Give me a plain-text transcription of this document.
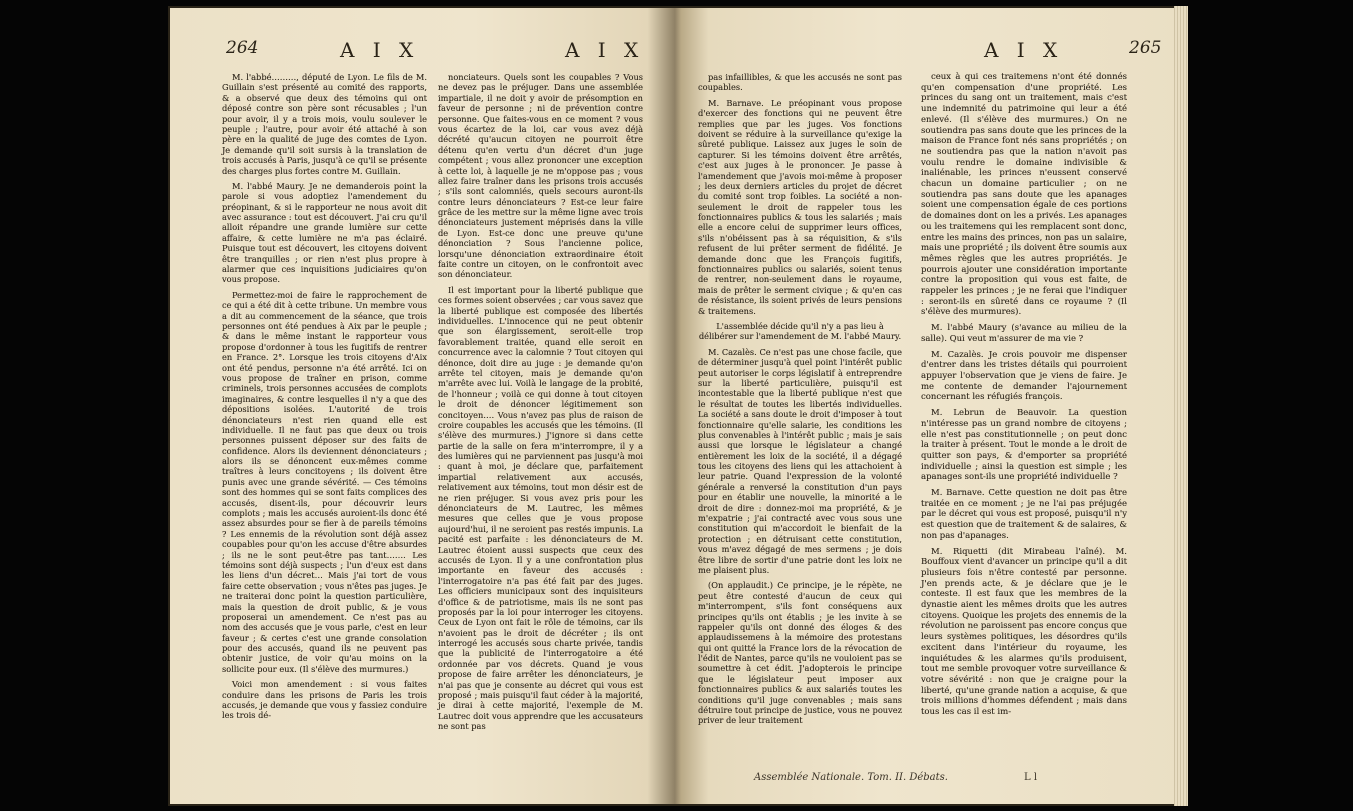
264	A I X	A I X

M. l'abbé………, député de Lyon. Le fils de M. Guillain s'est présenté au comité des rapports, & a observé que deux des témoins qui ont déposé contre son père sont récusables ; l'un pour avoir, il y a trois mois, voulu soulever le peuple ; l'autre, pour avoir été attaché à son père en la qualité de juge des comtes de Lyon. Je demande qu'il soit sursis à la translation de trois accusés à Paris, jusqu'à ce qu'il se présente des charges plus fortes contre M. Guillain.

M. l'abbé Maury. Je ne demanderois point la parole si vous adoptiez l'amendement du préopinant, & si le rapporteur ne nous avoit dit avec assurance : tout est découvert. J'ai cru qu'il alloit répandre une grande lumière sur cette affaire, & cette lumière ne m'a pas éclairé. Puisque tout est découvert, les citoyens doivent être tranquilles ; or rien n'est plus propre à alarmer que ces inquisitions judiciaires qu'on vous propose.

Permettez-moi de faire le rapprochement de ce qui a été dit à cette tribune. Un membre vous a dit au commencement de la séance, que trois personnes ont été pendues à Aix par le peuple ; & dans le même instant le rapporteur vous propose d'ordonner à tous les fugitifs de rentrer en France. 2°. Lorsque les trois citoyens d'Aix ont été pendus, personne n'a été arrêté. Ici on vous propose de traîner en prison, comme criminels, trois personnes accusées de complots imaginaires, & contre lesquelles il n'y a que des dépositions isolées. L'autorité de trois dénonciateurs n'est rien quand elle est individuelle. Il ne faut pas que deux ou trois personnes puissent déposer sur des faits de confidence. Alors ils deviennent dénonciateurs ; alors ils se dénoncent eux-mêmes comme traîtres à leurs concitoyens ; ils doivent être punis avec une grande sévérité. — Ces témoins sont des hommes qui se sont faits complices des accusés, disent-ils, pour découvrir leurs complots ; mais les accusés auroient-ils donc été assez absurdes pour se fier à de pareils témoins ? Les ennemis de la révolution sont déjà assez coupables pour qu'on les accuse d'être absurdes ; ils ne le sont peut-être pas tant……. Les témoins sont déjà suspects ; l'un d'eux est dans les liens d'un décret… Mais j'ai tort de vous faire cette observation ; vous n'êtes pas juges. Je ne traiterai donc point la question particulière, mais la question de droit public, & je vous proposerai un amendement. Ce n'est pas au nom des accusés que je vous parle, c'est en leur faveur ; & certes c'est une grande consolation pour des accusés, quand ils ne peuvent pas obtenir justice, de voir qu'au moins on la sollicite pour eux. (Il s'élève des murmures.)

Voici mon amendement : si vous faites conduire dans les prisons de Paris les trois accusés, je demande que vous y fassiez conduire les trois dé-

nonciateurs. Quels sont les coupables ? Vous ne devez pas le préjuger. Dans une assemblée impartiale, il ne doit y avoir de présomption en faveur de personne ; ni de prévention contre personne. Que faites-vous en ce moment ? vous vous écartez de la loi, car vous avez déjà décrété qu'aucun citoyen ne pourroit être détenu qu'en vertu d'un décret d'un juge compétent ; vous allez prononcer une exception à cette loi, à laquelle je ne m'oppose pas ; vous allez faire traîner dans les prisons trois accusés ; s'ils sont calomniés, quels secours auront-ils contre leurs dénonciateurs ? Est-ce leur faire grâce de les mettre sur la même ligne avec trois dénonciateurs justement méprisés dans la ville de Lyon. Est-ce donc une preuve qu'une dénonciation ? Sous l'ancienne police, lorsqu'une dénonciation extraordinaire étoit faite contre un citoyen, on le confrontoit avec son dénonciateur.

Il est important pour la liberté publique que ces formes soient observées ; car vous savez que la liberté publique est composée des libertés individuelles. L'innocence qui ne peut obtenir que son élargissement, seroit-elle trop favorablement traitée, quand elle seroit en concurrence avec la calomnie ? Tout citoyen qui dénonce, doit dire au juge : je demande qu'on arrête tel citoyen, mais je demande qu'on m'arrête avec lui. Voilà le langage de la probité, de l'honneur ; voilà ce qui donne à tout citoyen le droit de dénoncer légitimement son concitoyen…. Vous n'avez pas plus de raison de croire coupables les accusés que les témoins. (Il s'élève des murmures.) J'ignore si dans cette partie de la salle on fera m'interrompre, il y a des lumières qui ne parviennent pas jusqu'à moi : quant à moi, je déclare que, parfaitement impartial relativement aux accusés, relativement aux témoins, tout mon désir est de ne rien préjuger. Si vous avez pris pour les dénonciateurs de M. Lautrec, les mêmes mesures que celles que je vous propose aujourd'hui, il ne seroient pas restés impunis. La pacité est parfaite : les dénonciateurs de M. Lautrec étoient aussi suspects que ceux des accusés de Lyon. Il y a une confrontation plus importante en faveur des accusés : l'interrogatoire n'a pas été fait par des juges. Les officiers municipaux sont des inquisiteurs d'office & de patriotisme, mais ils ne sont pas proposés par la loi pour interroger les citoyens. Ceux de Lyon ont fait le rôle de témoins, car ils n'avoient pas le droit de décréter ; ils ont interrogé les accusés sous charte privée, tandis que la publicité de l'interrogatoire a été ordonnée par vos décrets. Quand je vous propose de faire arrêter les dénonciateurs, je n'ai pas que je consente au décret qui vous est proposé ; mais puisqu'il faut céder à la majorité, je dirai à cette majorité, l'exemple de M. Lautrec doit vous apprendre que les accusateurs ne sont pas

A I X	265

pas infaillibles, & que les accusés ne sont pas coupables.

M. Barnave. Le préopinant vous propose d'exercer des fonctions qui ne peuvent être remplies que par les juges. Vos fonctions doivent se réduire à la surveillance qu'exige la sûreté publique. Laissez aux juges le soin de capturer. Si les témoins doivent être arrêtés, c'est aux juges à le prononcer. Je passe à l'amendement que j'avois moi-même à proposer ; les deux derniers articles du projet de décret du comité sont trop foibles. La société a non-seulement le droit de rappeler tous les fonctionnaires publics & tous les salariés ; mais elle a encore celui de supprimer leurs offices, s'ils n'obéissent pas à sa réquisition, & s'ils refusent de lui prêter serment de fidélité. Je demande donc que les François fugitifs, fonctionnaires publics ou salariés, soient tenus de rentrer, non-seulement dans le royaume, mais de prêter le serment civique ; & qu'en cas de résistance, ils soient privés de leurs pensions & traitemens.

L'assemblée décide qu'il n'y a pas lieu à délibérer sur l'amendement de M. l'abbé Maury.

M. Cazalès. Ce n'est pas une chose facile, que de déterminer jusqu'à quel point l'intérêt public peut autoriser le corps législatif à entreprendre sur la liberté particulière, puisqu'il est incontestable que la liberté publique n'est que le résultat de toutes les libertés individuelles. La société a sans doute le droit d'imposer à tout fonctionnaire qu'elle salarie, les conditions les plus convenables à l'intérêt public ; mais je sais aussi que lorsque le législateur a changé entièrement les loix de la société, il a dégagé tous les citoyens des liens qui les attachoient à leur patrie. Quand l'expression de la volonté générale a renversé la constitution d'un pays pour en établir une nouvelle, la minorité a le droit de dire : donnez-moi ma propriété, & je m'expatrie ; j'ai contracté avec vous sous une constitution qui m'accordoit le bienfait de la protection ; en détruisant cette constitution, vous m'avez dégagé de mes sermens ; je dois être libre de sortir d'une patrie dont les loix ne me plaisent plus.

(On applaudit.) Ce principe, je le répète, ne peut être contesté d'aucun de ceux qui m'interrompent, s'ils font conséquens aux principes qu'ils ont établis ; je les invite à se rappeler qu'ils ont donné des éloges & des applaudissemens à la mémoire des protestans qui ont quitté la France lors de la révocation de l'édit de Nantes, parce qu'ils ne vouloient pas se soumettre à cet édit. J'adopterois le principe que le législateur peut imposer aux fonctionnaires publics & aux salariés toutes les conditions qu'il juge convenables ; mais sans détruire tout principe de justice, vous ne pouvez priver de leur traitement

ceux à qui ces traitemens n'ont été donnés qu'en compensation d'une propriété. Les princes du sang ont un traitement, mais c'est une indemnité du patrimoine qui leur a été enlevé. (Il s'élève des murmures.) On ne soutiendra pas sans doute que les princes de la maison de France font nés sans propriétés ; on ne soutiendra pas que la nation n'avoit pas voulu rendre le domaine indivisible & inaliénable, les princes n'eussent conservé chacun un domaine particulier ; on ne soutiendra pas sans doute que les apanages soient une compensation égale de ces portions de domaines dont on les a privés. Les apanages ou les traitemens qui les remplacent sont donc, entre les mains des princes, non pas un salaire, mais une propriété ; ils doivent être soumis aux mêmes règles que les autres propriétés. Je pourrois ajouter une considération importante contre la proposition qui vous est faite, de rappeler les princes ; je ne ferai que l'indiquer : seront-ils en sûreté dans ce royaume ? (Il s'élève des murmures).

M. l'abbé Maury (s'avance au milieu de la salle). Qui veut m'assurer de ma vie ?

M. Cazalès. Je crois pouvoir me dispenser d'entrer dans les tristes détails qui pourroient appuyer l'observation que je viens de faire. Je me contente de demander l'ajournement concernant les réfugiés françois.

M. Lebrun de Beauvoir. La question n'intéresse pas un grand nombre de citoyens ; elle n'est pas constitutionnelle ; on peut donc la traiter à présent. Tout le monde a le droit de quitter son pays, & d'emporter sa propriété individuelle ; ainsi la question est simple ; les apanages sont-ils une propriété individuelle ?

M. Barnave. Cette question ne doit pas être traitée en ce moment ; je ne l'ai pas préjugée par le décret qui vous est proposé, puisqu'il n'y est question que de traitement & de salaires, & non pas d'apanages.

M. Riquetti (dit Mirabeau l'aîné). M. Bouffoux vient d'avancer un principe qu'il a dit plusieurs fois n'être contesté par personne. J'en prends acte, & je déclare que je le conteste. Il est faux que les membres de la dynastie aient les mêmes droits que les autres citoyens. Quoique les projets des ennemis de la révolution ne paroissent pas encore conçus que leurs systèmes politiques, les désordres qu'ils excitent dans l'intérieur du royaume, les inquiétudes & les alarmes qu'ils produisent, tout me semble provoquer votre surveillance & votre sévérité : non que je craigne pour la liberté, qu'une grande nation a acquise, & que trois millions d'hommes défendent ; mais dans tous les cas il est im-

Assemblée Nationale. Tom. II. Débats.	L l
